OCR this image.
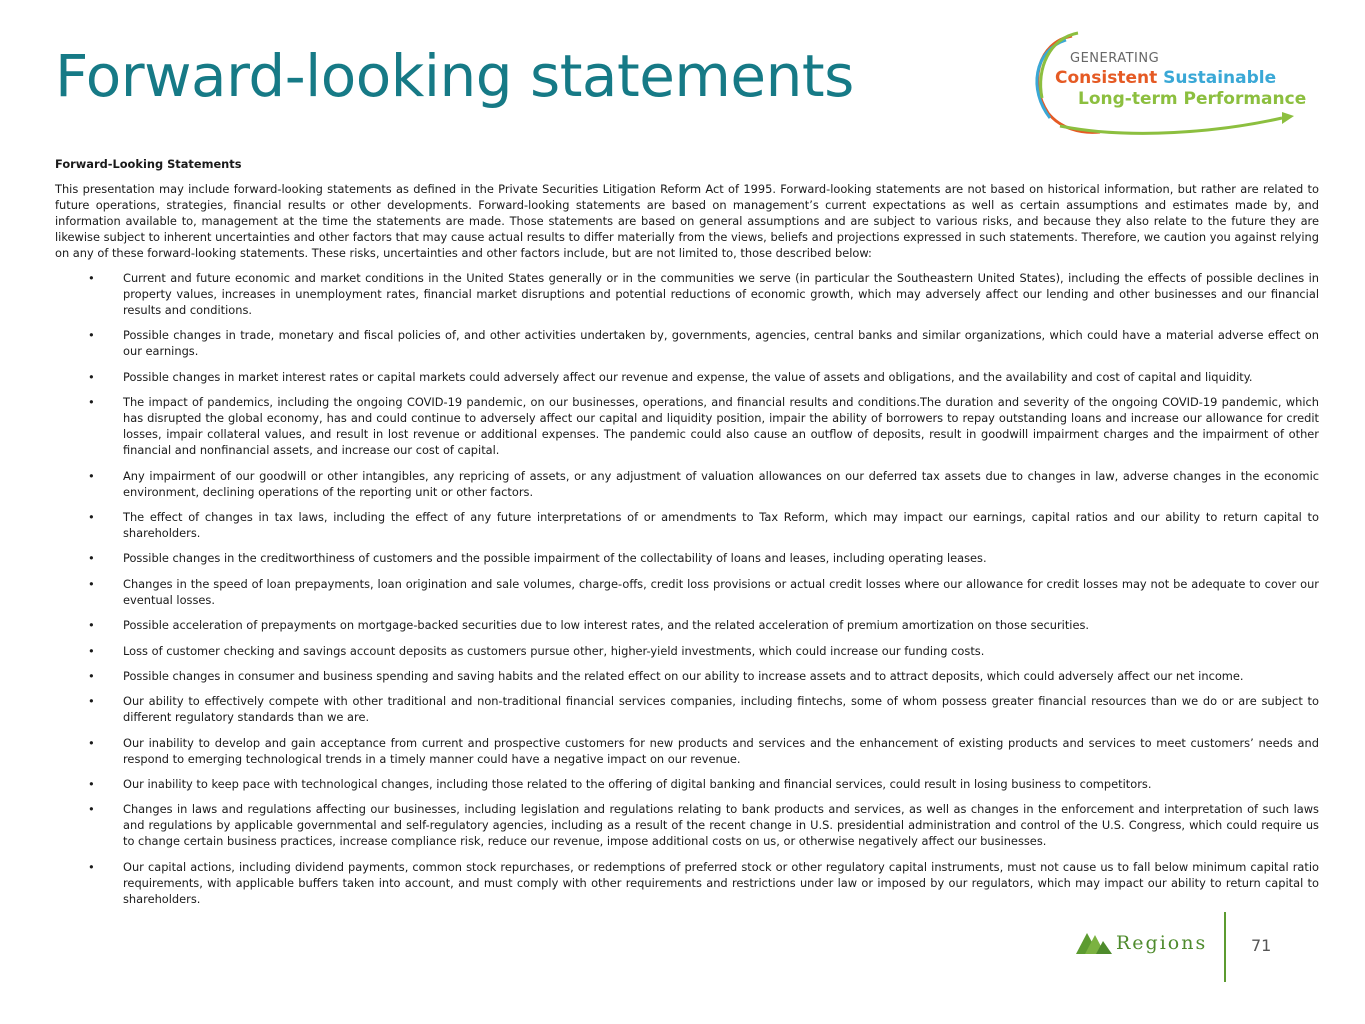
Forward-looking statements	GENERATING
Consistent Sustainable
Long-term Performance

Forward-Looking Statements

This presentation may include forward-looking statements as defined in the Private Securities Litigation Reform Act of 1995. Forward-looking statements are not based on historical information, but rather are related to future operations, strategies, financial results or other developments. Forward-looking statements are based on management’s current expectations as well as certain assumptions and estimates made by, and information available to, management at the time the statements are made. Those statements are based on general assumptions and are subject to various risks, and because they also relate to the future they are likewise subject to inherent uncertainties and other factors that may cause actual results to differ materially from the views, beliefs and projections expressed in such statements. Therefore, we caution you against relying on any of these forward-looking statements. These risks, uncertainties and other factors include, but are not limited to, those described below:

• Current and future economic and market conditions in the United States generally or in the communities we serve (in particular the Southeastern United States), including the effects of possible declines in property values, increases in unemployment rates, financial market disruptions and potential reductions of economic growth, which may adversely affect our lending and other businesses and our financial results and conditions.
• Possible changes in trade, monetary and fiscal policies of, and other activities undertaken by, governments, agencies, central banks and similar organizations, which could have a material adverse effect on our earnings.
• Possible changes in market interest rates or capital markets could adversely affect our revenue and expense, the value of assets and obligations, and the availability and cost of capital and liquidity.
• The impact of pandemics, including the ongoing COVID-19 pandemic, on our businesses, operations, and financial results and conditions.The duration and severity of the ongoing COVID-19 pandemic, which has disrupted the global economy, has and could continue to adversely affect our capital and liquidity position, impair the ability of borrowers to repay outstanding loans and increase our allowance for credit losses, impair collateral values, and result in lost revenue or additional expenses. The pandemic could also cause an outflow of deposits, result in goodwill impairment charges and the impairment of other financial and nonfinancial assets, and increase our cost of capital.
• Any impairment of our goodwill or other intangibles, any repricing of assets, or any adjustment of valuation allowances on our deferred tax assets due to changes in law, adverse changes in the economic environment, declining operations of the reporting unit or other factors.
• The effect of changes in tax laws, including the effect of any future interpretations of or amendments to Tax Reform, which may impact our earnings, capital ratios and our ability to return capital to shareholders.
• Possible changes in the creditworthiness of customers and the possible impairment of the collectability of loans and leases, including operating leases.
• Changes in the speed of loan prepayments, loan origination and sale volumes, charge-offs, credit loss provisions or actual credit losses where our allowance for credit losses may not be adequate to cover our eventual losses.
• Possible acceleration of prepayments on mortgage-backed securities due to low interest rates, and the related acceleration of premium amortization on those securities.
• Loss of customer checking and savings account deposits as customers pursue other, higher-yield investments, which could increase our funding costs.
• Possible changes in consumer and business spending and saving habits and the related effect on our ability to increase assets and to attract deposits, which could adversely affect our net income.
• Our ability to effectively compete with other traditional and non-traditional financial services companies, including fintechs, some of whom possess greater financial resources than we do or are subject to different regulatory standards than we are.
• Our inability to develop and gain acceptance from current and prospective customers for new products and services and the enhancement of existing products and services to meet customers’ needs and respond to emerging technological trends in a timely manner could have a negative impact on our revenue.
• Our inability to keep pace with technological changes, including those related to the offering of digital banking and financial services, could result in losing business to competitors.
• Changes in laws and regulations affecting our businesses, including legislation and regulations relating to bank products and services, as well as changes in the enforcement and interpretation of such laws and regulations by applicable governmental and self-regulatory agencies, including as a result of the recent change in U.S. presidential administration and control of the U.S. Congress, which could require us to change certain business practices, increase compliance risk, reduce our revenue, impose additional costs on us, or otherwise negatively affect our businesses.
• Our capital actions, including dividend payments, common stock repurchases, or redemptions of preferred stock or other regulatory capital instruments, must not cause us to fall below minimum capital ratio requirements, with applicable buffers taken into account, and must comply with other requirements and restrictions under law or imposed by our regulators, which may impact our ability to return capital to shareholders.
Regions	71
